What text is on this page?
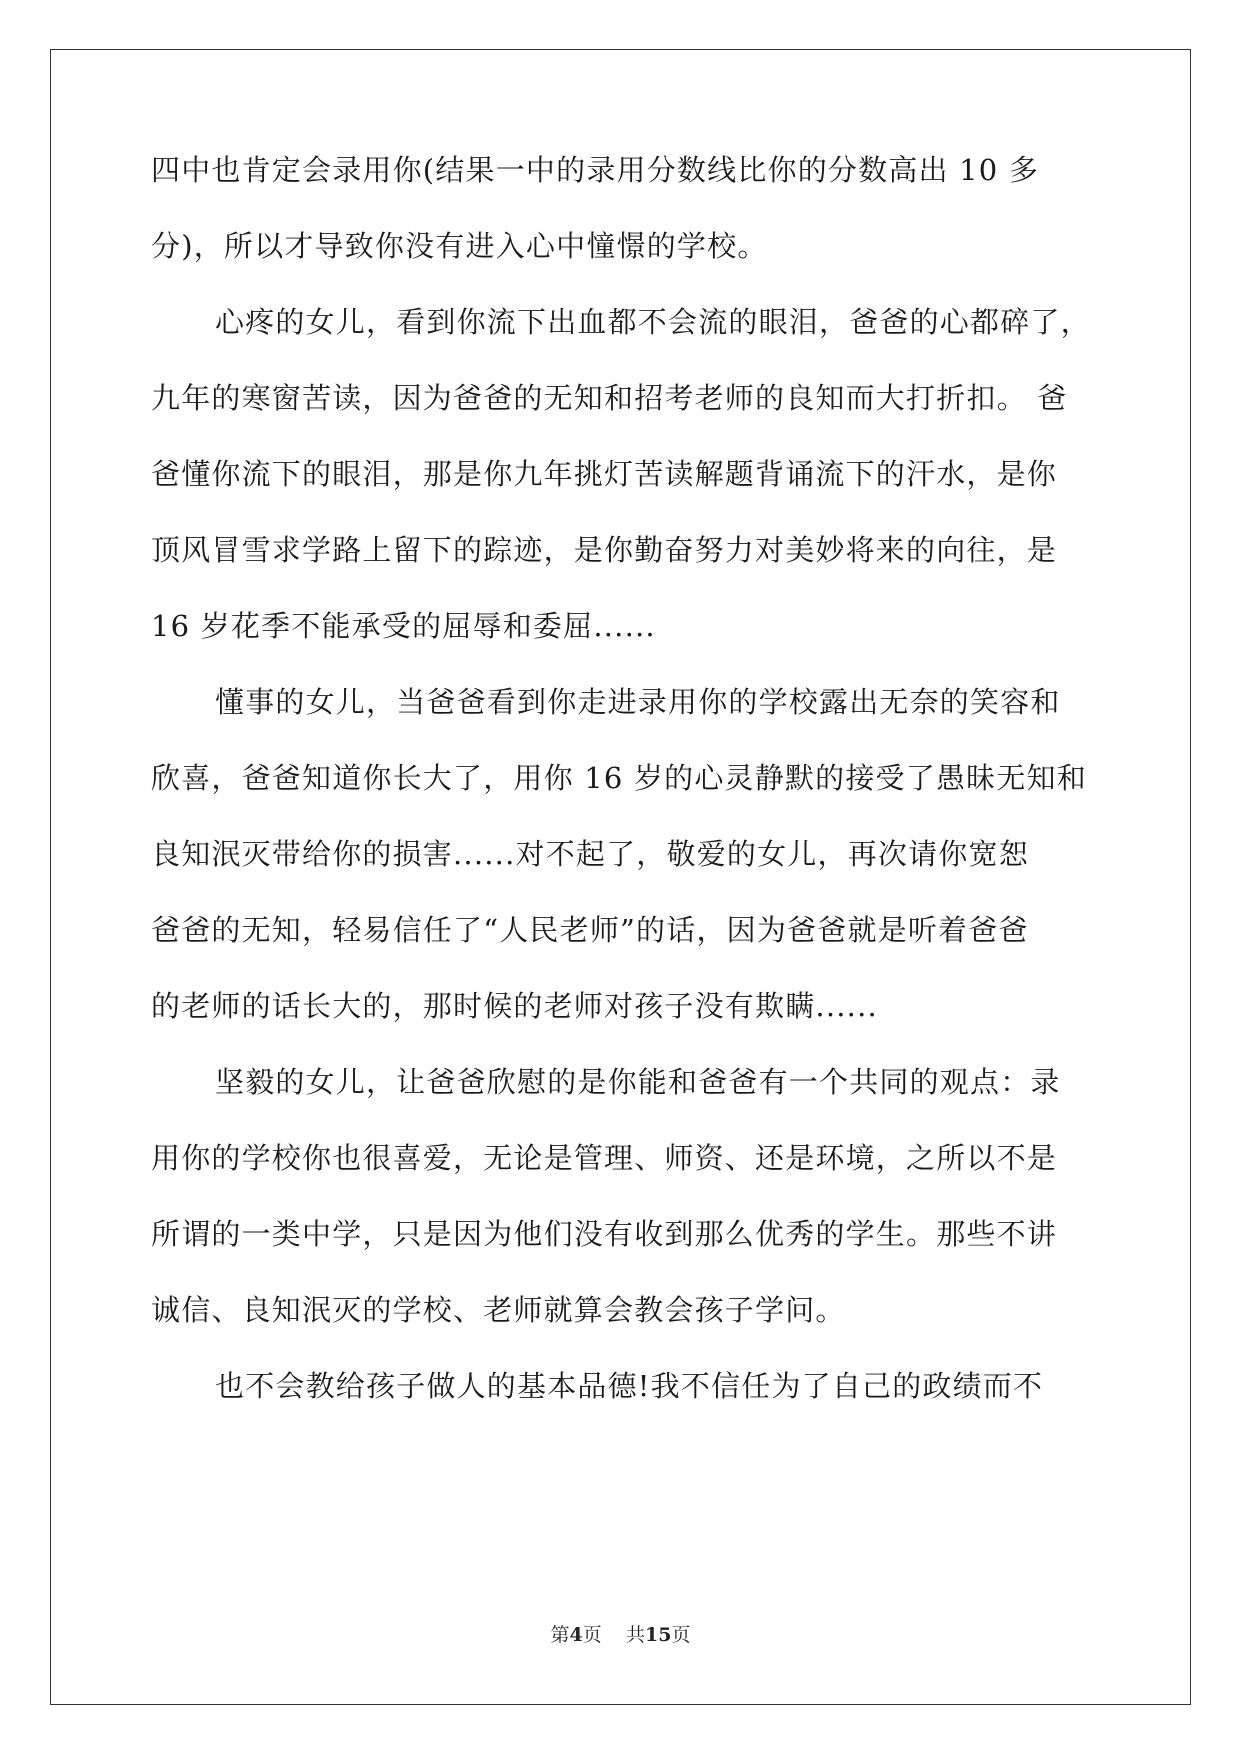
四中也肯定会录用你(结果一中的录用分数线比你的分数高出 10 多
分)，所以才导致你没有进入心中憧憬的学校。
心疼的女儿，看到你流下出血都不会流的眼泪，爸爸的心都碎了，
九年的寒窗苦读，因为爸爸的无知和招考老师的良知而大打折扣。 爸
爸懂你流下的眼泪，那是你九年挑灯苦读解题背诵流下的汗水，是你
顶风冒雪求学路上留下的踪迹，是你勤奋努力对美妙将来的向往，是
16 岁花季不能承受的屈辱和委屈......
懂事的女儿，当爸爸看到你走进录用你的学校露出无奈的笑容和
欣喜，爸爸知道你长大了，用你 16 岁的心灵静默的接受了愚昧无知和
良知泯灭带给你的损害......对不起了，敬爱的女儿，再次请你宽恕
爸爸的无知，轻易信任了“人民老师”的话，因为爸爸就是听着爸爸
的老师的话长大的，那时候的老师对孩子没有欺瞒......
坚毅的女儿，让爸爸欣慰的是你能和爸爸有一个共同的观点：录
用你的学校你也很喜爱，无论是管理、师资、还是环境，之所以不是
所谓的一类中学，只是因为他们没有收到那么优秀的学生。那些不讲
诚信、良知泯灭的学校、老师就算会教会孩子学问。
也不会教给孩子做人的基本品德!我不信任为了自己的政绩而不
第4页 共15页
